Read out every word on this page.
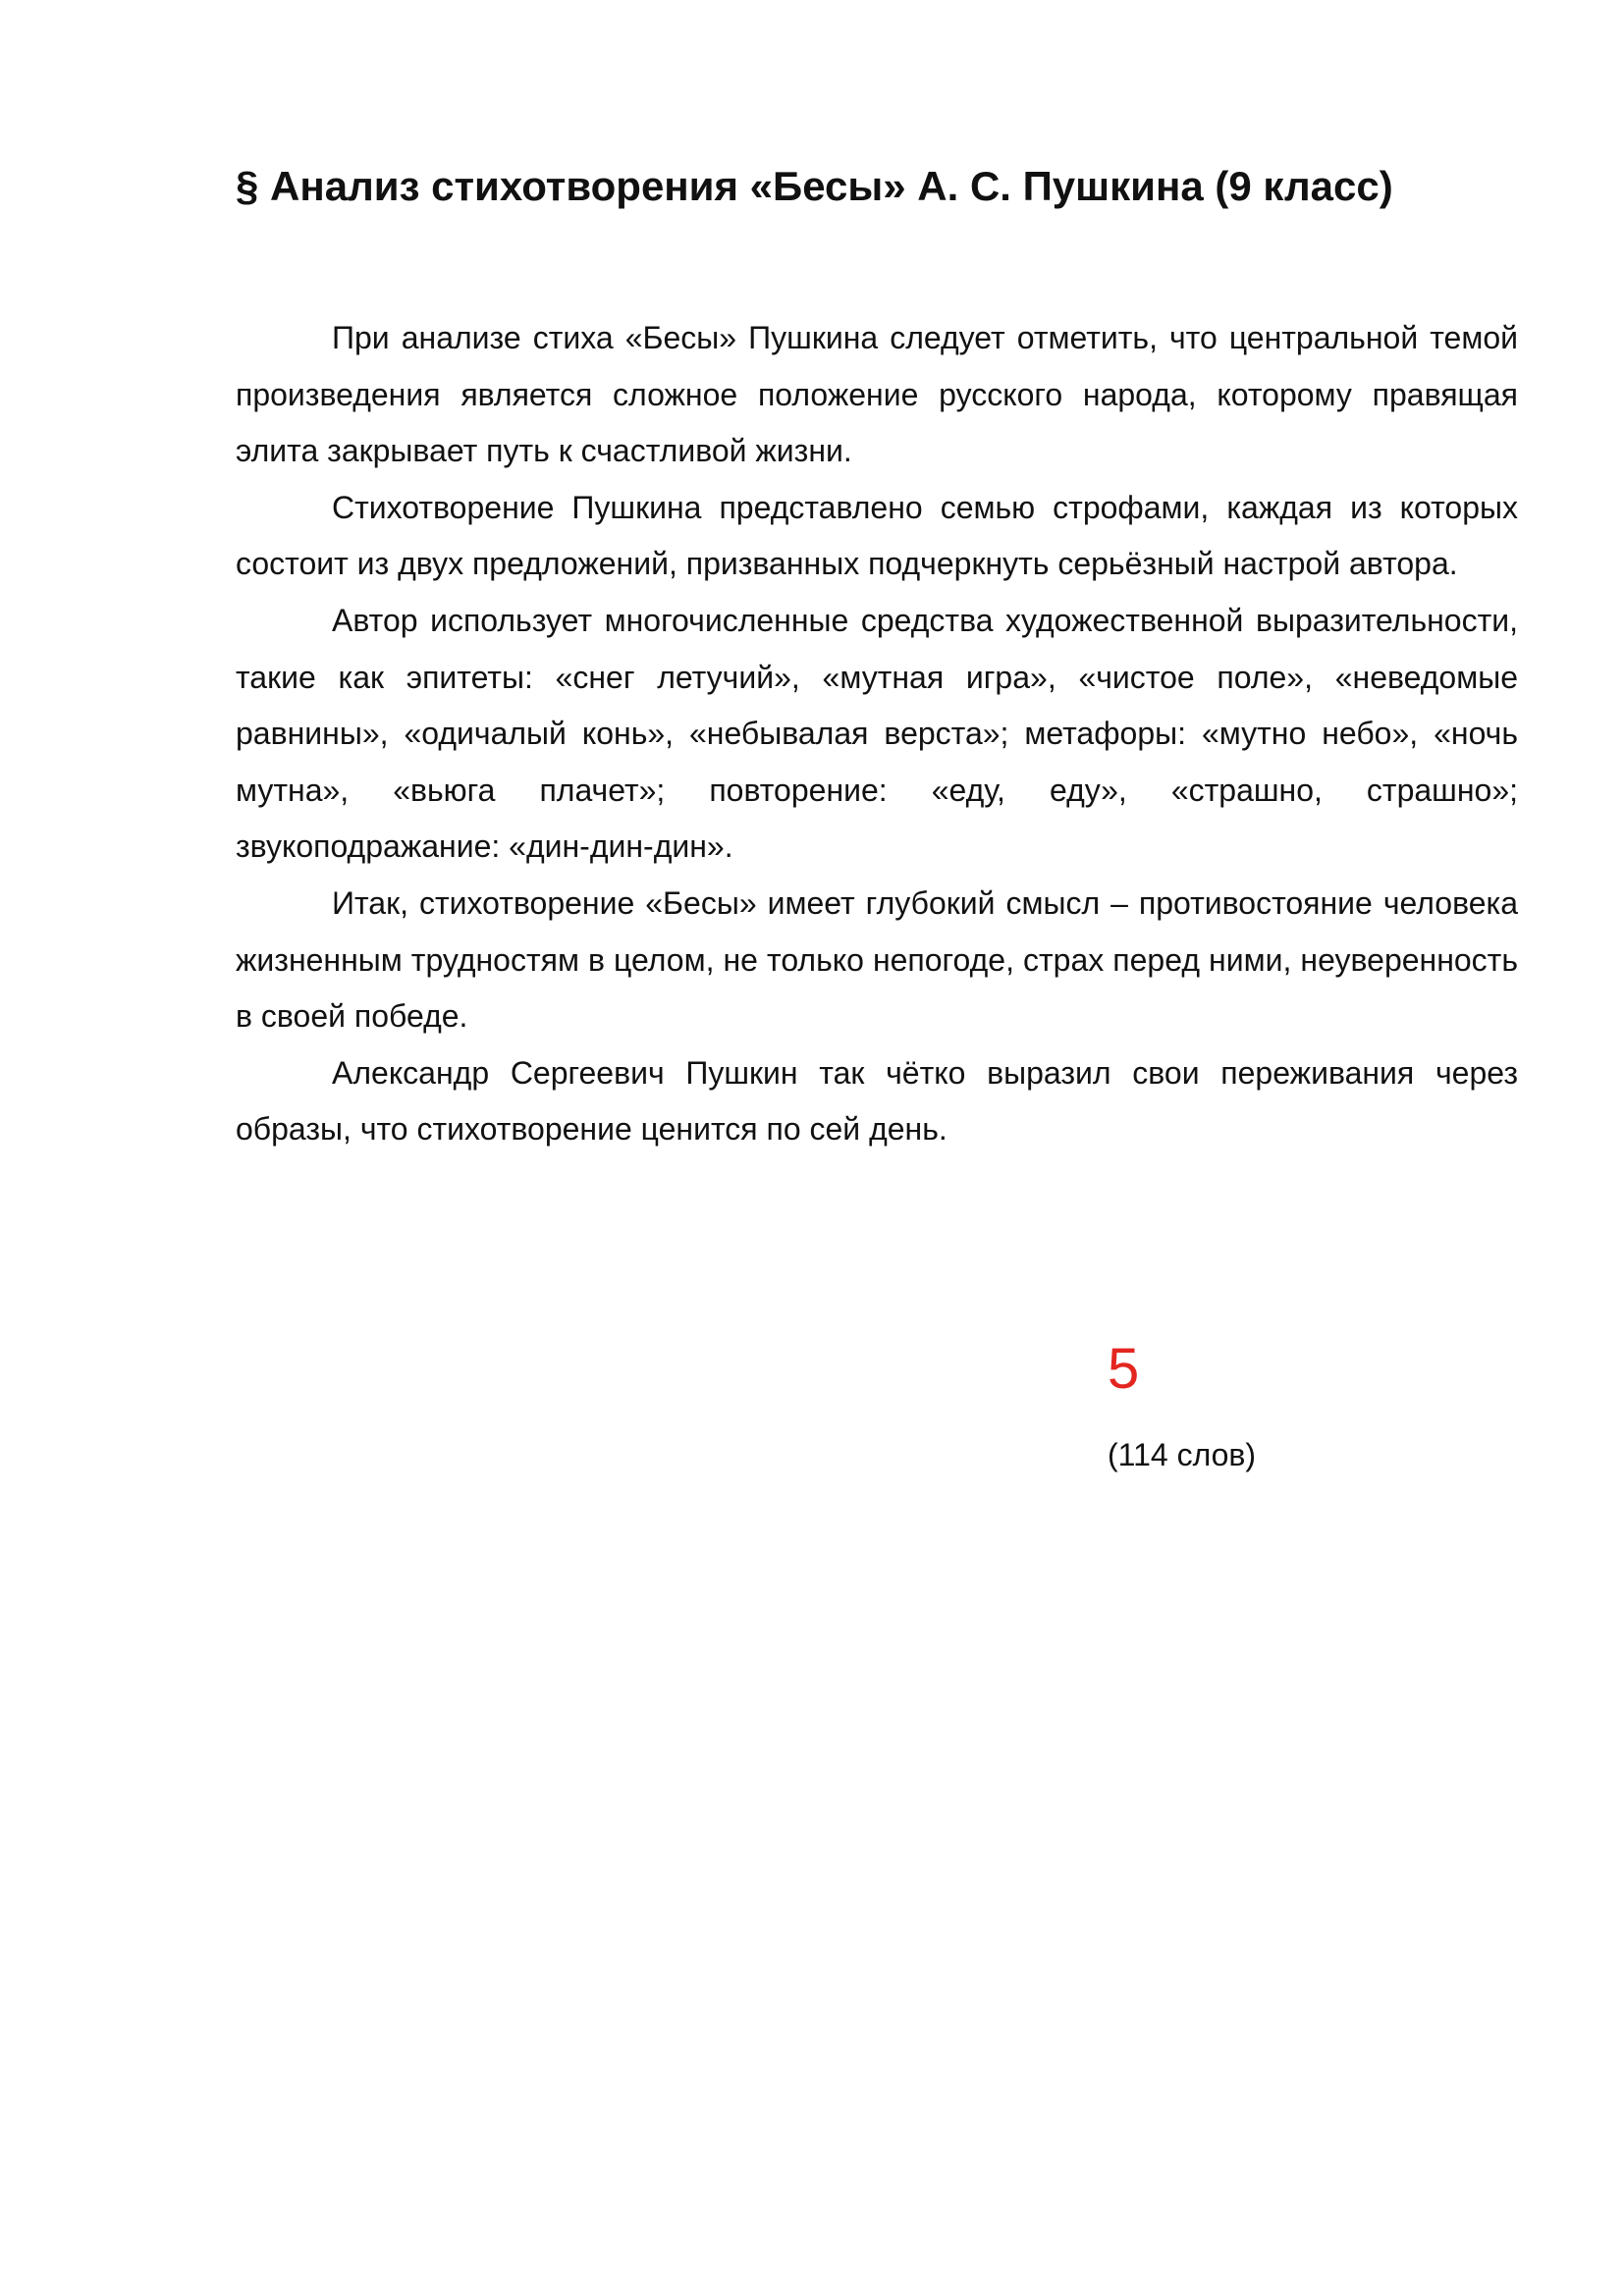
§ Анализ стихотворения «Бесы» А. С. Пушкина (9 класс)

При анализе стиха «Бесы» Пушкина следует отметить, что центральной темой произведения является сложное положение русского народа, которому правящая элита закрывает путь к счастливой жизни.

Стихотворение Пушкина представлено семью строфами, каждая из которых состоит из двух предложений, призванных подчеркнуть серьёзный настрой автора.

Автор использует многочисленные средства художественной выразительности, такие как эпитеты: «снег летучий», «мутная игра», «чистое поле», «неведомые равнины», «одичалый конь», «небывалая верста»; метафоры: «мутно небо», «ночь мутна», «вьюга плачет»; повторение: «еду, еду», «страшно, страшно»; звукоподражание: «дин-дин-дин».

Итак, стихотворение «Бесы» имеет глубокий смысл – противостояние человека жизненным трудностям в целом, не только непогоде, страх перед ними, неуверенность в своей победе.

Александр Сергеевич Пушкин так чётко выразил свои переживания через образы, что стихотворение ценится по сей день.

5
(114 слов)
